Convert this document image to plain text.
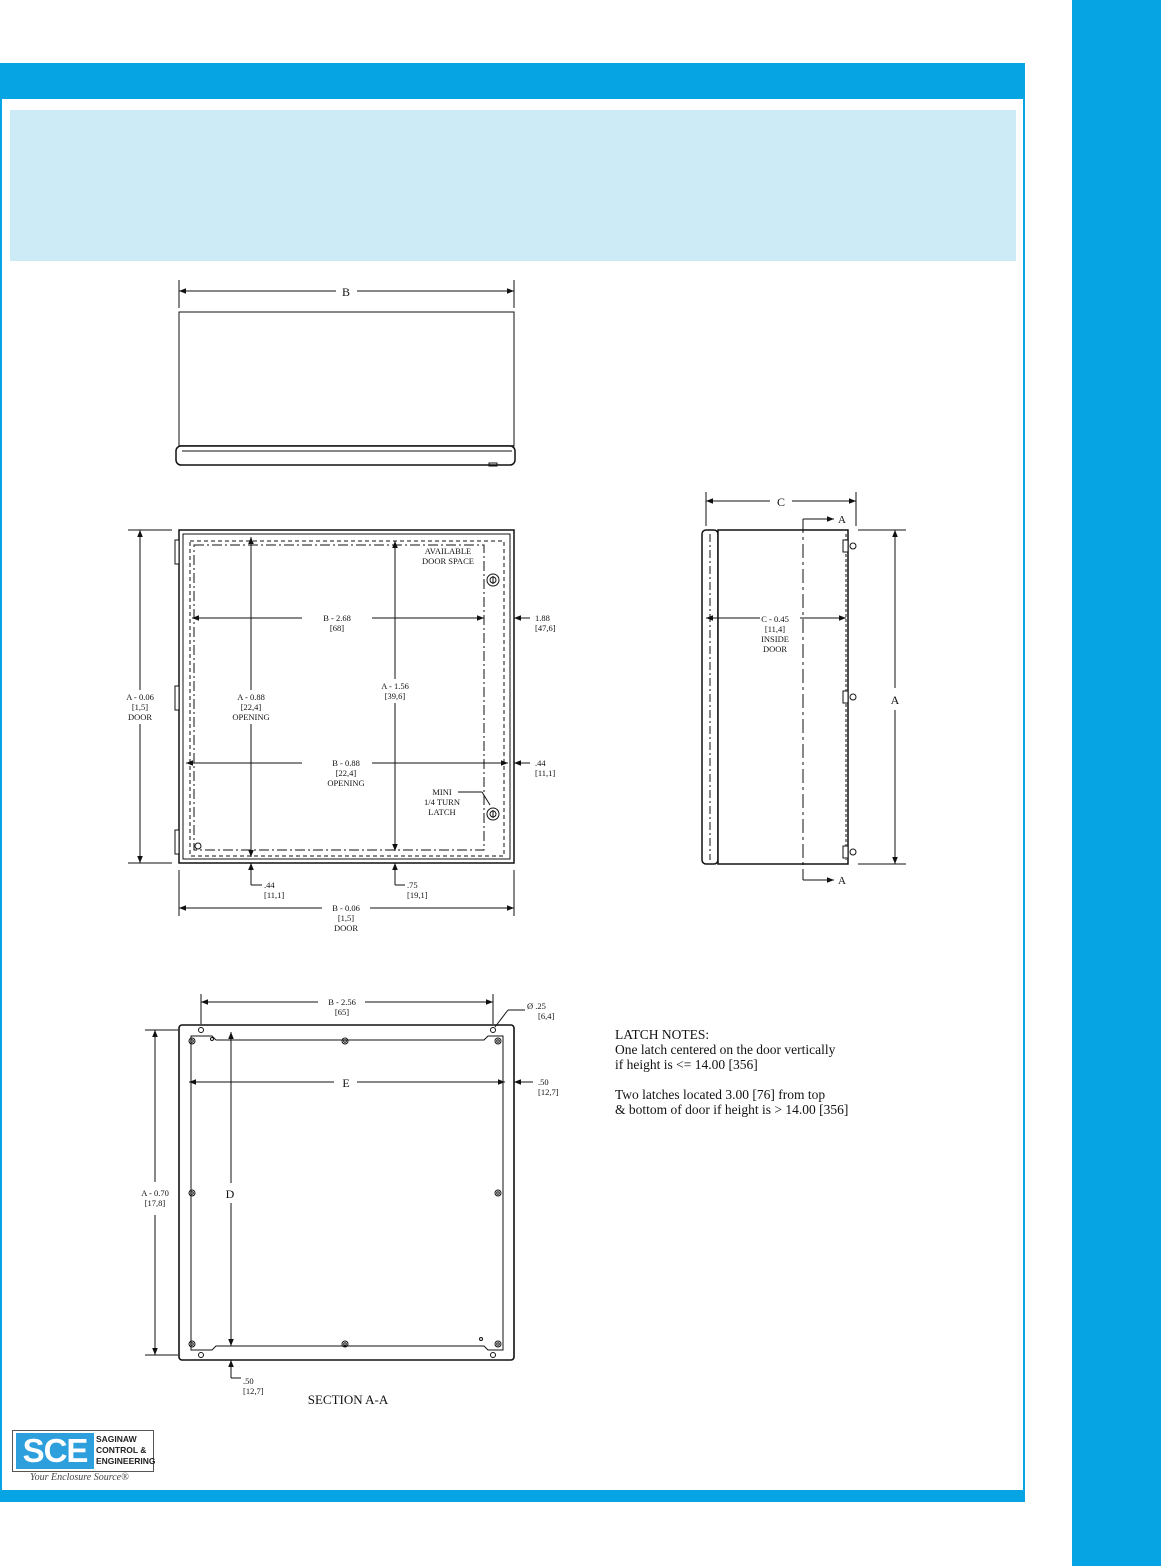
B
AVAILABLE
DOOR SPACE
A - 0.06
[1,5]
DOOR
A - 0.88
[22,4]
OPENING
A - 1.56
[39,6]
B - 2.68
[68]
B - 0.88
[22,4]
OPENING
MINI
1/4 TURN
LATCH
B - 0.06
[1,5]
DOOR
1.88
[47,6]
.44
[11,1]
.44
[11,1]
.75
[19,1]
C
A
A
A
C - 0.45
[11,4]
INSIDE
DOOR
B - 2.56
[65]
A - 0.70
[17,8]
Ø .25
[6,4]
.50
[12,7]
.50
[12,7]
E
D
SECTION A-A

LATCH NOTES:

One latch centered on the door vertically

if height is <= 14.00 [356]

Two latches located 3.00 [76] from top

& bottom of door if height is > 14.00 [356]

SCE	SAGINAW
CONTROL &
ENGINEERING
Your Enclosure Source®
